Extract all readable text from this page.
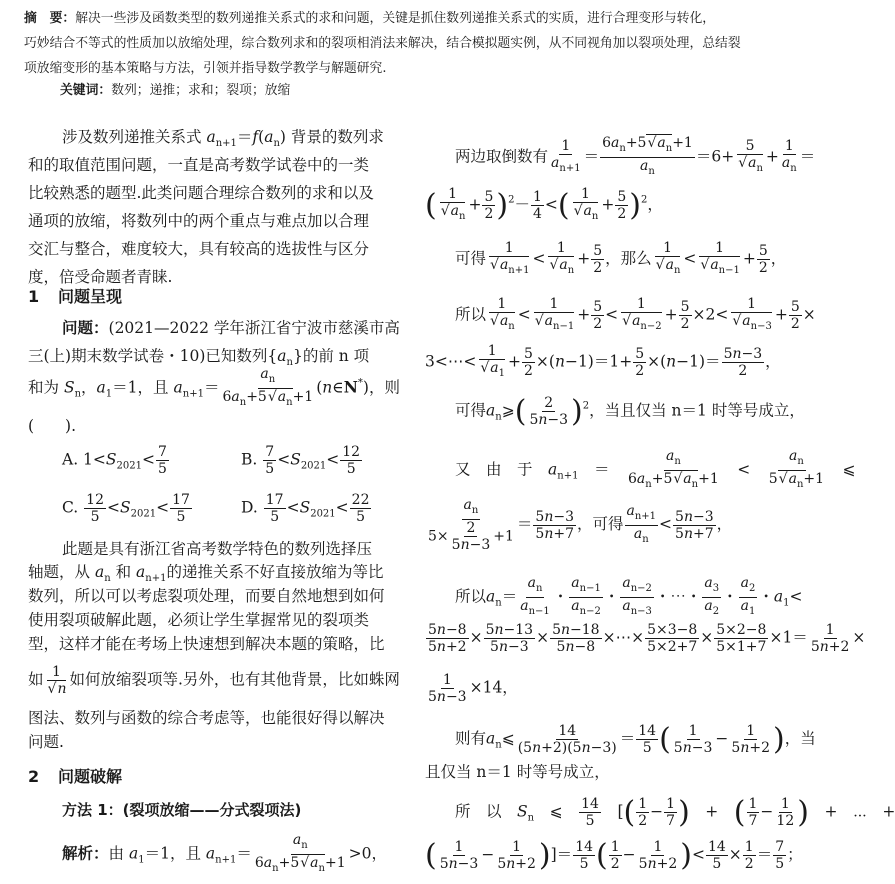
摘　要：解决一些涉及函数类型的数列递推关系式的求和问题，关键是抓住数列递推关系式的实质，进行合理变形与转化，
巧妙结合不等式的性质加以放缩处理，综合数列求和的裂项相消法来解决，结合模拟题实例，从不同视角加以裂项处理，总结裂
项放缩变形的基本策略与方法，引领并指导数学教学与解题研究.
关键词：数列；递推；求和；裂项；放缩
涉及数列递推关系式 $a_{n+1}=f(a_n)$ 背景的数列求
和的取值范围问题，一直是高考数学试卷中的一类
比较熟悉的题型.此类问题合理综合数列的求和以及
通项的放缩，将数列中的两个重点与难点加以合理
交汇与整合，难度较大，具有较高的选拔性与区分
度，倍受命题者青睐.
1 问题呈现
问题：(2021—2022 学年浙江省宁波市慈溪市高
三(上)期末数学试卷・10)已知数列$\{a_n\}$的前 n 项
和为 $S_n$，$a_1=1$，且 $a_{n+1}= \frac{a_n}{6a_n+5 √ a_n+1}$ (n∈N*)，则
(　　).
A. $1<S_{2021}< \frac{7}{5}$	B. $\frac{7}{5} <S_{2021}< \frac{12}{5}$
C. $\frac{12}{5} <S_{2021}< \frac{17}{5}$	D. $\frac{17}{5} <S_{2021}< \frac{22}{5}$
此题是具有浙江省高考数学特色的数列选择压
轴题，从 $a_n$ 和 $a_{n+1}$的递推关系不好直接放缩为等比
数列，所以可以考虑裂项处理，而要自然地想到如何
使用裂项破解此题，必须让学生掌握常见的裂项类
型，这样才能在考场上快速想到解决本题的策略，比
如 1
√ n 如何放缩裂项等.另外，也有其他背景，比如蛛网
图法、数列与函数的综合考虑等，也能很好得以解决
问题.
2 问题破解
方法 1：(裂项放缩——分式裂项法)
解析：由 $a_1=1$，且 $a_{n+1}= \frac{a_n}{6a_n+5 √ a_n+1} >0$，
两边取倒数有 $\frac{1}{a_{n+1}} = \frac{6a_n+5 √ a_n+1}{a_n} =6+ 5$
√ $a_n + \frac{1}{a_n}$ ＝
( 1
√ $a_n + \frac{5}{2} )^2- \frac{1}{4}$ <( 1
√ $a_n + \frac{5}{2} )^2$，
可得 1
√ $a_{n+1} < 1$
√ $a_n + \frac{5}{2}$ ，那么 1
√ $a_n < 1$
√ $a_{n-1} + \frac{5}{2}$ ，
所以 1
√ $a_n < 1$
√ $a_{n-1} + \frac{5}{2} < 1$
√ $a_{n-2} + \frac{5}{2} \times 2< 1$
√ $a_{n-3} + \frac{5}{2}$ ×
3<⋯< 1
√ $a_1 + \frac{5}{2} \times(n-1)=1+ \frac{5}{2} \times(n-1)= \frac{5n-3}{2}$ ，
可得$a_n⩾( \frac{2}{5n-3} )^2$，当且仅当 n＝1 时等号成立，
又　由　于　 $a_{n+1}$　＝　 $\frac{a_n}{6a_n+5 √ a_n+1}$ 　<　 $\frac{a_n}{5 √ a_n+1}$ 　⩽
$\frac{a_n}{5\times \frac{2}{5n-3} +1} = \frac{5n-3}{5n+7}$ ，可得 $\frac{a_{n+1}}{a_n} < \frac{5n-3}{5n+7}$ ，
所以$a_n= \frac{a_n}{a_{n-1}}$ ・ $\frac{a_{n-1}}{a_{n-2}}$ ・ $\frac{a_{n-2}}{a_{n-3}}$ ・⋯・ $\frac{a_3}{a_2}$ ・ $\frac{a_2}{a_1}$ ・$a_1<$
$\frac{5n-8}{5n+2} \times \frac{5n-13}{5n-3} \times \frac{5n-18}{5n-8}$ ×⋯× $\frac{5\times 3-8}{5\times 2+7} \times \frac{5\times 2-8}{5\times 1+7} \times 1= \frac{1}{5n+2}$ ×
$\frac{1}{5n-3} \times 14$，
则有$a_n⩽ \frac{14}{(5n+2)(5n-3)} = \frac{14}{5}$ ( $\frac{1}{5n-3} - \frac{1}{5n+2}$ )，当
且仅当 n＝1 时等号成立，
所　以　 $S_n$　⩽　 $\frac{14}{5}$ 　[( $\frac{1}{2} - \frac{1}{7}$ )　+　( $\frac{1}{7} - \frac{1}{12}$ )　+　⋯　+
( $\frac{1}{5n-3} - \frac{1}{5n+2}$ )]＝ $\frac{14}{5}$ ( $\frac{1}{2} - \frac{1}{5n+2}$ )< $\frac{14}{5} \times \frac{1}{2} = \frac{7}{5}$ ；
